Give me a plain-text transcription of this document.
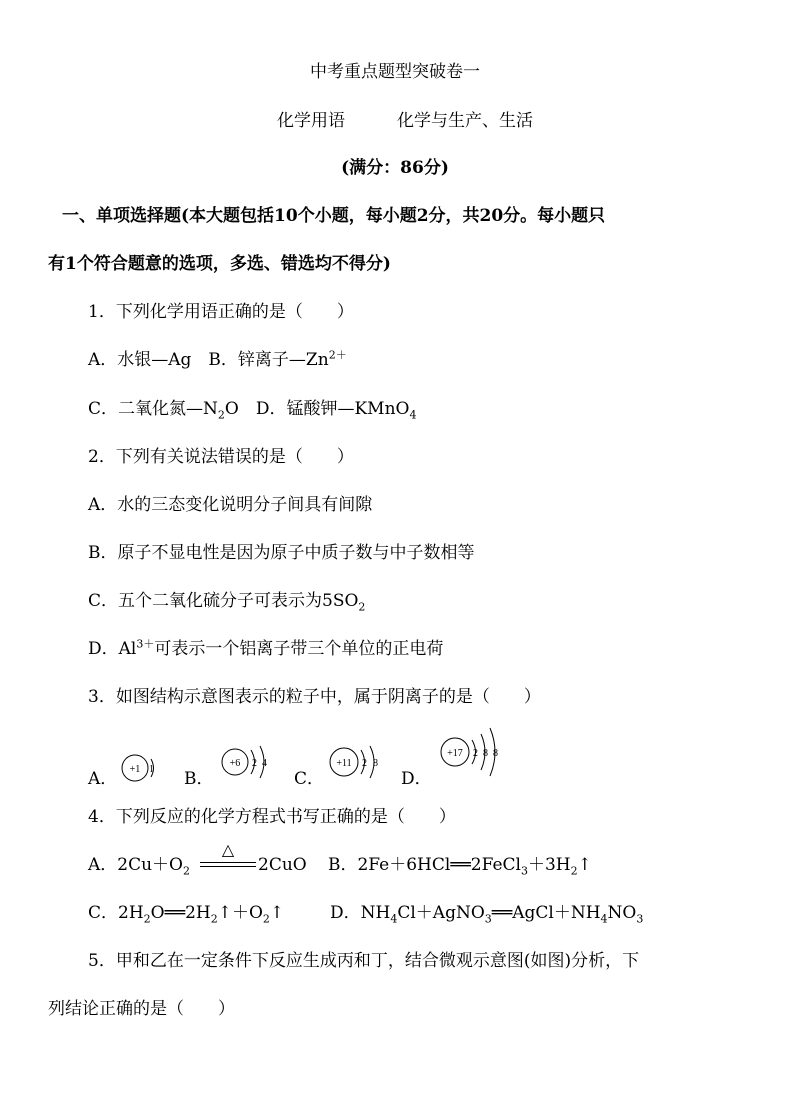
中考重点题型突破卷一
化学用语	化学与生产、生活
(满分：86分)
一、单项选择题(本大题包括10个小题，每小题2分，共20分。每小题只
有1个符合题意的选项，多选、错选均不得分)
1．下列化学用语正确的是（　　）
A．水银—Ag　B．锌离子$—Zn^{2+}$
C．二氧化氮$—N_2O$　D．锰酸钾—KMnO$_4$
2．下列有关说法错误的是（　　）
A．水的三态变化说明分子间具有间隙
B．原子不显电性是因为原子中质子数与中子数相等
C．五个二氧化硫分子可表示为$5SO_2$
D．$Al^{3+}$可表示一个铝离子带三个单位的正电荷
3．如图结构示意图表示的粒子中，属于阴离子的是（　　）
A． +1 1 B．
+6 2 4
C．
+11 2 8
D．
+17 2 8 8
4．下列反应的化学方程式书写正确的是（　　）
A．$2Cu+O_2$
△
2CuO B．$2Fe+6HCl══2FeCl_3+3H_2↑$
C．$2H_2O══2H_2↑+O_2↑$	D．$NH_4Cl+AgNO_3══AgCl+NH_4NO_3$
5．甲和乙在一定条件下反应生成丙和丁，结合微观示意图(如图)分析，下
列结论正确的是（　　）
